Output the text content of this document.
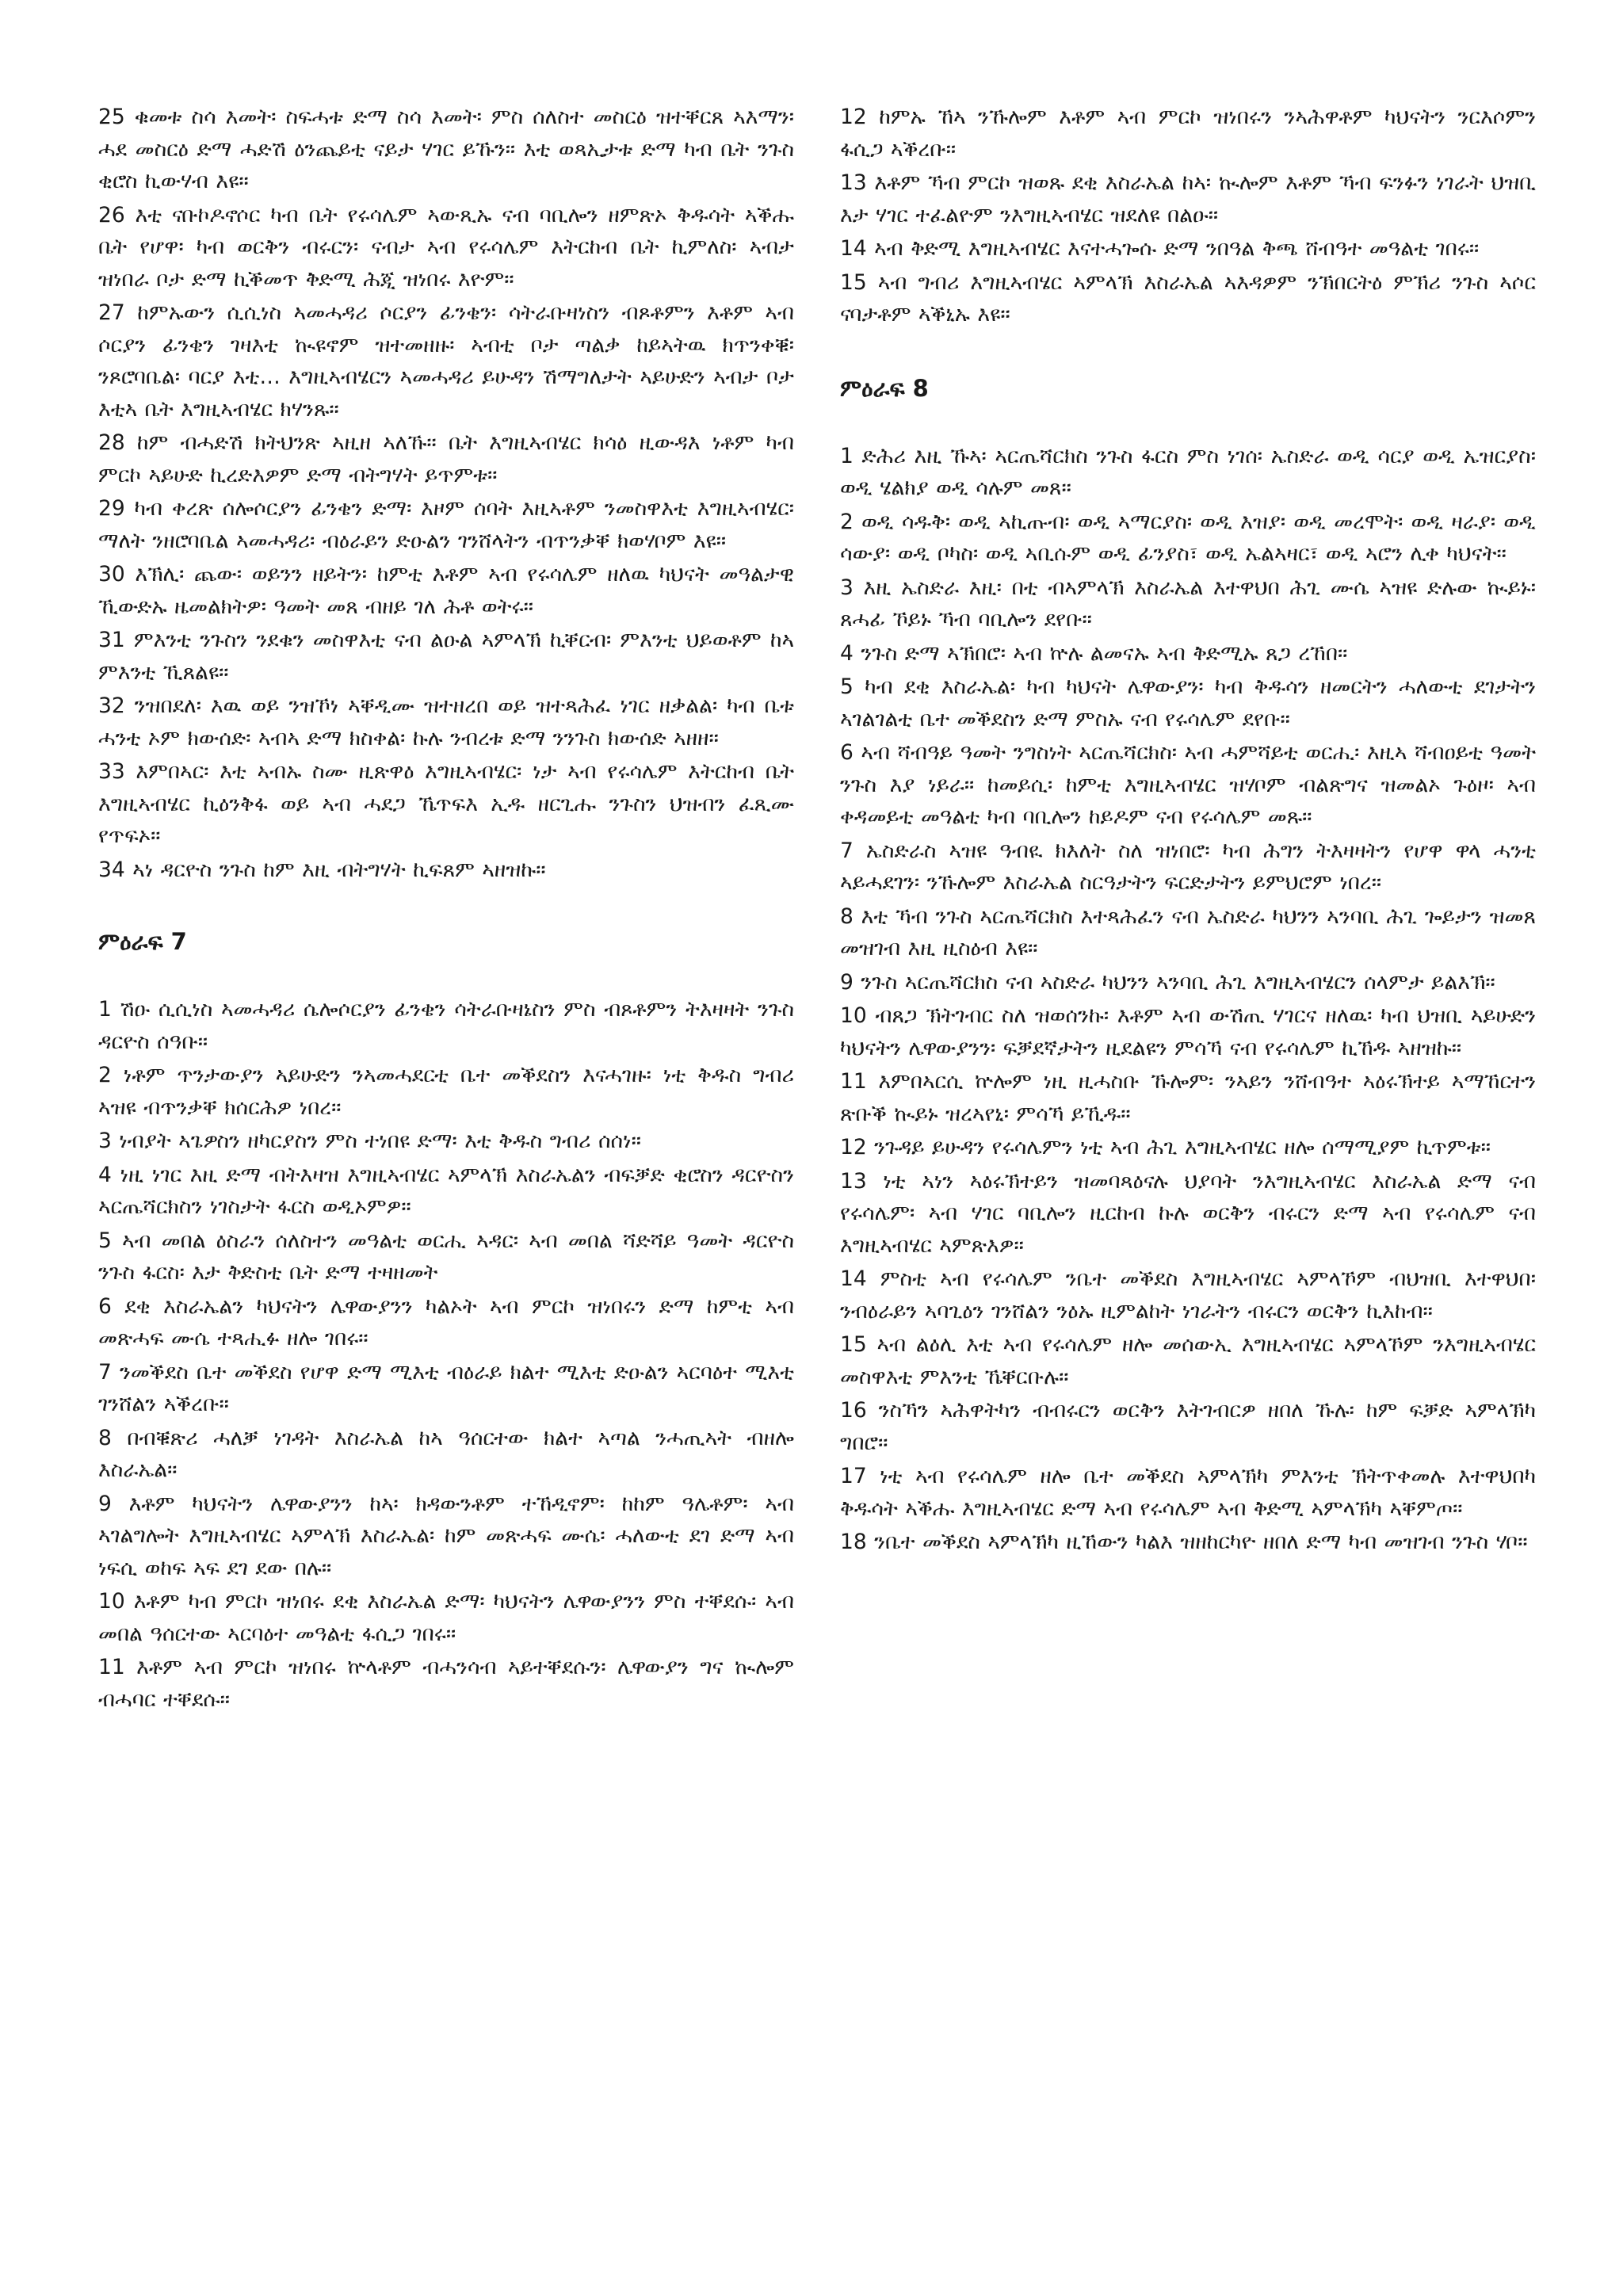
25 ቁመቱ ስሳ እመት፡ ስፍሓቱ ድማ ስሳ እመት፡ ምስ ሰለስተ መስርዕ ዝተቐርጸ ኣእማን፡ ሓደ መስርዕ ድማ ሓድሽ ዕንጨይቲ ናይታ ሃገር ይኹን። እቲ ወጻኢታቱ ድማ ካብ ቤት ንጉስ ቂሮስ ኪውሃብ እዩ።

26 እቲ ናቡኮዶኖሶር ካብ ቤት የሩሳሌም ኣውጺኡ ናብ ባቢሎን ዘምጽኦ ቅዱሳት ኣቕሑ ቤት የሆዋ፡ ካብ ወርቅን ብሩርን፡ ናብታ ኣብ የሩሳሌም እትርከብ ቤት ኪምለስ፡ ኣብታ ዝነበራ ቦታ ድማ ኪቕመጥ ቅድሚ ሕጂ ዝነበሩ እዮም።

27 ከምኡውን ሲሲነስ ኣመሓዳሪ ሶርያን ፊንቄን፡ ሳትራቡዛነስን ብጾቶምን እቶም ኣብ ሶርያን ፊንቄን ገዛእቲ ኲዩኖም ዝተመዘዙ፡ ኣብቲ ቦታ ጣልቃ ከይኣትዉ ክጥንቀቑ፡ ንጾሮባቤል፡ ባርያ እቲ… እግዚኣብሄርን ኣመሓዳሪ ይሁዳን ሽማግለታት ኣይሁድን ኣብታ ቦታ እቲኣ ቤት እግዚኣብሄር ክሃንጹ።

28 ከም ብሓድሽ ክትህንጽ ኣዚዘ ኣለኹ። ቤት እግዚኣብሄር ክሳዕ ዚውዳእ ነቶም ካብ ምርኮ ኣይሁድ ኪረድእዎም ድማ ብትግሃት ይጥምቱ።

29 ካብ ቀረጽ ሰሎሶርያን ፊንቄን ድማ፡ እዞም ሰባት እዚኣቶም ንመስዋእቲ እግዚኣብሄር፡ ማለት ንዘሮባቤል ኣመሓዳሪ፡ ብዕራይን ድዑልን ገንሸላትን ብጥንቃቐ ክወሃቦም እዩ።

30 እኽሊ፡ ጨው፡ ወይንን ዘይትን፡ ከምቲ እቶም ኣብ የሩሳሌም ዘለዉ ካህናት መዓልታዊ ኺውድኡ ዜመልክትዎ፡ ዓመት መጸ ብዘይ ገለ ሕቶ ወትሩ።

31 ምእንቲ ንጉስን ንደቁን መስዋእቲ ናብ ልዑል ኣምላኽ ኪቐርብ፡ ምእንቲ ህይወቶም ከኣ ምእንቲ ኺጸልዩ።

32 ንዝበደለ፡ እዉ ወይ ንዝኾነ ኣቐዲሙ ዝተዘረበ ወይ ዝተጻሕፈ ነገር ዘቃልል፡ ካብ ቤቱ ሓንቲ ኦም ክውሰድ፡ ኣብኣ ድማ ክስቀል፡ ኩሉ ንብረቱ ድማ ንንጉስ ክውሰድ ኣዘዘ።

33 እምበኣር፡ እቲ ኣብኡ ስሙ ዚጽዋዕ እግዚኣብሄር፡ ነታ ኣብ የሩሳሌም እትርከብ ቤት እግዚኣብሄር ኪዕንቅፋ ወይ ኣብ ሓደጋ ኼጥፍእ ኢዱ ዘርጊሑ ንጉስን ህዝብን ፈጺሙ የጥፍኦ።

34 ኣነ ዳርዮስ ንጉስ ከም እዚ ብትግሃት ኪፍጸም ኣዘዝኩ።

ምዕራፍ 7

1 ሽዑ ሲሲነስ ኣመሓዳሪ ሴሎሶርያን ፊንቄን ሳትራቡዛኔስን ምስ ብጾቶምን ትእዛዛት ንጉስ ዳርዮስ ሰዓቡ።

2 ነቶም ጥንታውያን ኣይሁድን ንኣመሓደርቲ ቤተ መቕደስን እናሓገዙ፡ ነቲ ቅዱስ ግብሪ ኣዝዩ ብጥንቃቐ ክሰርሕዎ ነበረ።

3 ነብያት ኣጌዎስን ዘካርያስን ምስ ተነበዩ ድማ፡ እቲ ቅዱስ ግብሪ ሰሰነ።

4 ነዚ ነገር እዚ ድማ ብትእዛዝ እግዚኣብሄር ኣምላኽ እስራኤልን ብፍቓድ ቂሮስን ዳርዮስን ኣርጤሻርክስን ነገስታት ፋርስ ወዲኦምዎ።

5 ኣብ መበል ዕስራን ሰለስተን መዓልቲ ወርሒ ኣዳር፡ ኣብ መበል ሻድሻይ ዓመት ዳርዮስ ንጉስ ፋርስ፡ እታ ቅድስቲ ቤት ድማ ተዛዘመት

6 ደቂ እስራኤልን ካህናትን ሌዋውያንን ካልኦት ኣብ ምርኮ ዝነበሩን ድማ ከምቲ ኣብ መጽሓፍ ሙሴ ተጻሒፉ ዘሎ ገበሩ።

7 ንመቕደስ ቤተ መቕደስ የሆዋ ድማ ሚእቲ ብዕራይ ክልተ ሚእቲ ድዑልን ኣርባዕተ ሚእቲ ገንሸልን ኣቕረቡ።

8 በብቑጽሪ ሓለቓ ነገዳት እስራኤል ከኣ ዓሰርተው ክልተ ኣጣል ንሓጢኣት ብዘሎ እስራኤል።

9 እቶም ካህናትን ሌዋውያንን ከኣ፡ ክዳውንቶም ተኸዲኖም፡ ከከም ዓሌቶም፡ ኣብ ኣገልግሎት እግዚኣብሄር ኣምላኽ እስራኤል፡ ከም መጽሓፍ ሙሴ፡ ሓለውቲ ደገ ድማ ኣብ ነፍሲ ወከፍ ኣፍ ደገ ደው በሉ።

10 እቶም ካብ ምርኮ ዝነበሩ ደቂ እስራኤል ድማ፡ ካህናትን ሌዋውያንን ምስ ተቐደሱ፡ ኣብ መበል ዓሰርተው ኣርባዕተ መዓልቲ ፋሲጋ ገበሩ።

11 እቶም ኣብ ምርኮ ዝነበሩ ኵላቶም ብሓንሳብ ኣይተቐደሱን፡ ሌዋውያን ግና ኲሎም ብሓባር ተቐደሱ።

12 ከምኡ ኸኣ ንኹሎም እቶም ኣብ ምርኮ ዝነበሩን ንኣሕዋቶም ካህናትን ንርእሶምን ፋሲጋ ኣቕረቡ።

13 እቶም ኻብ ምርኮ ዝወጹ ደቂ እስራኤል ከኣ፡ ኲሎም እቶም ኻብ ፍንፉን ነገራት ህዝቢ እታ ሃገር ተፈልዮም ንእግዚኣብሄር ዝደለዩ በልዑ።

14 ኣብ ቅድሚ እግዚኣብሄር እናተሓጐሱ ድማ ንበዓል ቅጫ ሸብዓተ መዓልቲ ገበሩ።

15 ኣብ ግብሪ እግዚኣብሄር ኣምላኽ እስራኤል ኣእዳዎም ንኽበርትዕ ምኽሪ ንጉስ ኣሶር ናባታቶም ኣቕኒኡ እዩ።

ምዕራፍ 8

1 ድሕሪ እዚ ኹኣ፡ ኣርጤሻርክስ ንጉስ ፋርስ ምስ ነገሰ፡ ኤስድራ ወዲ ሳርያ ወዲ ኤዝርያስ፡ ወዲ ሄልክያ ወዲ ሳሉም መጸ።

2 ወዲ ሳዱቅ፡ ወዲ ኣኪጡብ፡ ወዲ ኣማርያስ፡ ወዲ እዝያ፡ ወዲ መረሞት፡ ወዲ ዛራያ፡ ወዲ ሳውያ፡ ወዲ ቦካስ፡ ወዲ ኣቢሱም ወዲ ፊንያስ፣ ወዲ ኤልኣዛር፣ ወዲ ኣሮን ሊቀ ካህናት።

3 እዚ ኤስድራ እዚ፡ በቲ ብኣምላኽ እስራኤል እተዋህበ ሕጊ ሙሴ ኣዝዩ ድሉው ኲይኑ፡ ጸሓፊ ኾይኑ ኻብ ባቢሎን ደየቡ።

4 ንጉስ ድማ ኣኽበሮ፡ ኣብ ኵሉ ልመናኡ ኣብ ቅድሚኡ ጸጋ ረኸበ።

5 ካብ ደቂ እስራኤል፡ ካብ ካህናት ሌዋውያን፡ ካብ ቅዱሳን ዘመርትን ሓለውቲ ደገታትን ኣገልገልቲ ቤተ መቕደስን ድማ ምስኡ ናብ የሩሳሌም ደየቡ።

6 ኣብ ሻብዓይ ዓመት ንግስነት ኣርጤሻርክስ፡ ኣብ ሓምሻይቲ ወርሒ፡ እዚኣ ሻብዐይቲ ዓመት ንጉስ እያ ነይራ። ከመይሲ፡ ከምቲ እግዚኣብሄር ዝሃቦም ብልጽግና ዝመልኦ ጉዕዞ፡ ኣብ ቀዳመይቲ መዓልቲ ካብ ባቢሎን ከይዶም ናብ የሩሳሌም መጹ።

7 ኤስድራስ ኣዝዩ ዓብዪ ክእለት ስለ ዝነበሮ፡ ካብ ሕግን ትእዛዛትን የሆዋ ዋላ ሓንቲ ኣይሓደገን፡ ንኹሎም እስራኤል ስርዓታትን ፍርድታትን ይምህሮም ነበረ።

8 እቲ ኻብ ንጉስ ኣርጤሻርክስ እተጻሕፈን ናብ ኤስድራ ካህንን ኣንባቢ ሕጊ ጐይታን ዝመጸ መዝገብ እዚ ዚስዕብ እዩ።

9 ንጉስ ኣርጤሻርክስ ናብ ኣስድራ ካህንን ኣንባቢ ሕጊ እግዚኣብሄርን ሰላምታ ይልእኽ።

10 ብጸጋ ኽትገብር ስለ ዝወሰንኩ፡ እቶም ኣብ ውሽጢ ሃገርና ዘለዉ፡ ካብ ህዝቢ ኣይሁድን ካህናትን ሌዋውያንን፡ ፍቓደኛታትን ዚደልዩን ምሳኻ ናብ የሩሳሌም ኪኸዱ ኣዘዝኩ።

11 እምበኣርሲ ኵሎም ነዚ ዚሓስቡ ኹሎም፡ ንኣይን ንሸብዓተ ኣዕሩኽተይ ኣማኸርተን ጽቡቕ ኲይኑ ዝረኣየኒ፡ ምሳኻ ይኺዱ።

12 ንጉዳይ ይሁዳን የሩሳሌምን ነቲ ኣብ ሕጊ እግዚኣብሄር ዘሎ ሰማሚያም ኪጥምቱ።

13 ነቲ ኣነን ኣዕሩኽተይን ዝመባጻዕናሉ ህያባት ንእግዚኣብሄር እስራኤል ድማ ናብ የሩሳሌም፡ ኣብ ሃገር ባቢሎን ዚርከብ ኩሉ ወርቅን ብሩርን ድማ ኣብ የሩሳሌም ናብ እግዚኣብሄር ኣምጽእዎ።

14 ምስቲ ኣብ የሩሳሌም ንቤተ መቕደስ እግዚኣብሄር ኣምላኾም ብህዝቢ እተዋህበ፡ ንብዕራይን ኣባጊዕን ገንሸልን ንዕኡ ዚምልከት ነገራትን ብሩርን ወርቅን ኪእከብ።

15 ኣብ ልዕሊ እቲ ኣብ የሩሳሌም ዘሎ መሰውኢ እግዚኣብሄር ኣምላኾም ንእግዚኣብሄር መስዋእቲ ምእንቲ ኼቐርቡሉ።

16 ንስኻን ኣሕዋትካን ብብሩርን ወርቅን እትገብርዎ ዘበለ ኹሉ፡ ከም ፍቓድ ኣምላኽካ ግበሮ።

17 ነቲ ኣብ የሩሳሌም ዘሎ ቤተ መቕደስ ኣምላኽካ ምእንቲ ኽትጥቀመሉ እተዋህበካ ቅዱሳት ኣቕሑ እግዚኣብሄር ድማ ኣብ የሩሳሌም ኣብ ቅድሚ ኣምላኽካ ኣቐምጦ።

18 ንቤተ መቕደስ ኣምላኽካ ዚኸውን ካልእ ዝዘከርካዮ ዘበለ ድማ ካብ መዝገብ ንጉስ ሃቦ።
